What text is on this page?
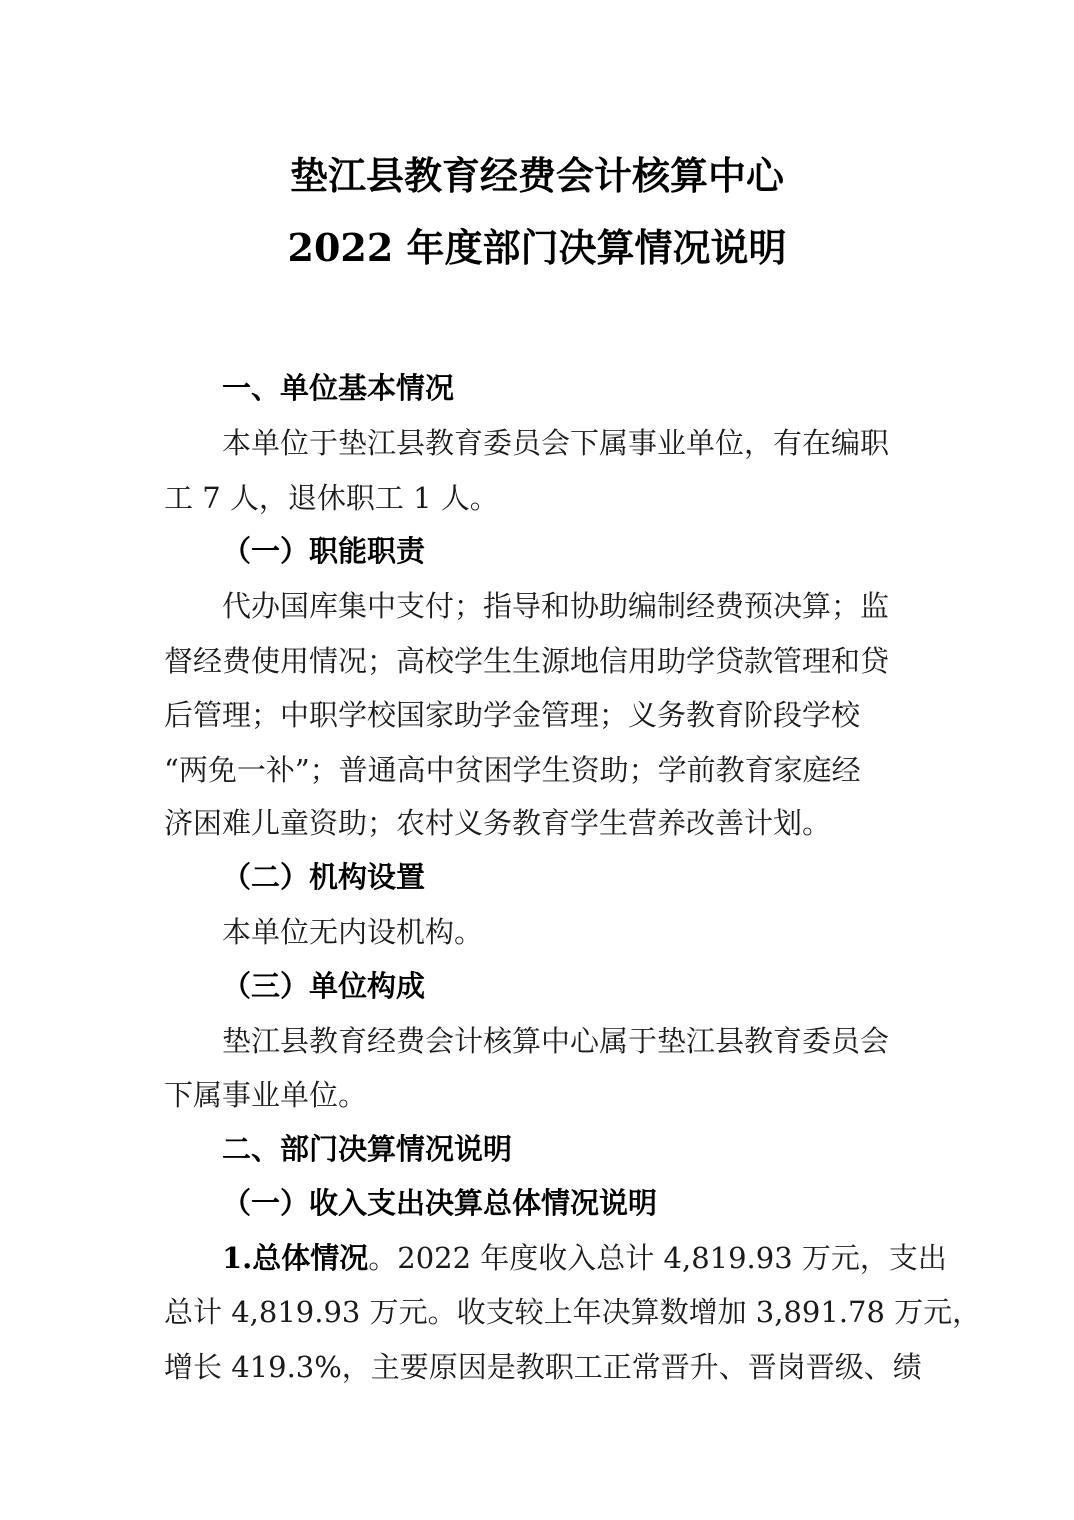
垫江县教育经费会计核算中心
2022 年度部门决算情况说明
一、单位基本情况
本单位于垫江县教育委员会下属事业单位，有在编职
工 7 人，退休职工 1 人。
（一）职能职责
代办国库集中支付；指导和协助编制经费预决算；监
督经费使用情况；高校学生生源地信用助学贷款管理和贷
后管理；中职学校国家助学金管理；义务教育阶段学校
“两免一补”；普通高中贫困学生资助；学前教育家庭经
济困难儿童资助；农村义务教育学生营养改善计划。
（二）机构设置
本单位无内设机构。
（三）单位构成
垫江县教育经费会计核算中心属于垫江县教育委员会
下属事业单位。
二、部门决算情况说明
（一）收入支出决算总体情况说明
1.总体情况。2022 年度收入总计 4,819.93 万元，支出
总计 4,819.93 万元。收支较上年决算数增加 3,891.78 万元，
增长 419.3%，主要原因是教职工正常晋升、晋岗晋级、绩
